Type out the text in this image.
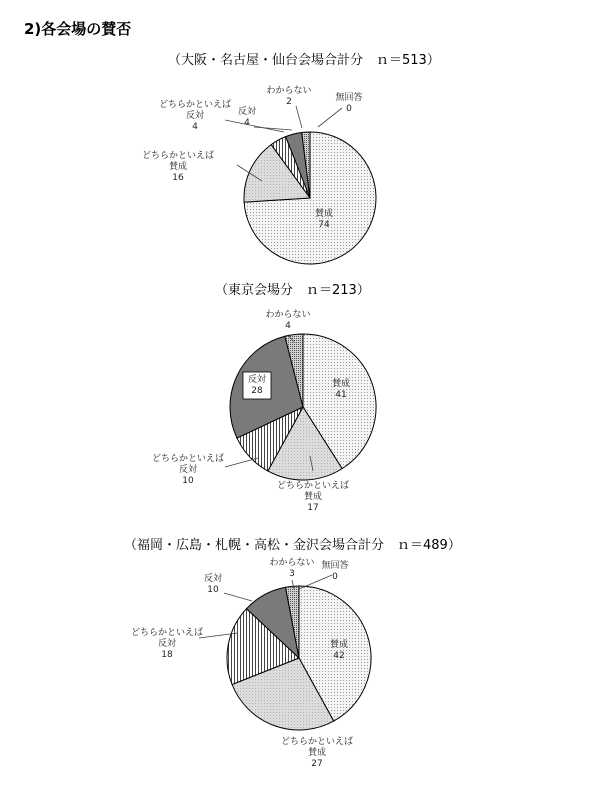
2)各会場の賛否
（大阪・名古屋・仙台会場合計分　ｎ＝513）
賛成 74
どちらかといえば賛成 16
どちらかといえば反対 4
反対 4
わからない 2	無回答 0
（東京会場分　ｎ＝213）
賛成 41
どちらかといえば賛成 17
どちらかといえば反対 10
反対 28
わからない 4
（福岡・広島・札幌・高松・金沢会場合計分　ｎ＝489）
賛成 42
どちらかといえば賛成 27
どちらかといえば反対 18
反対 10
わからない 3
無回答 0
